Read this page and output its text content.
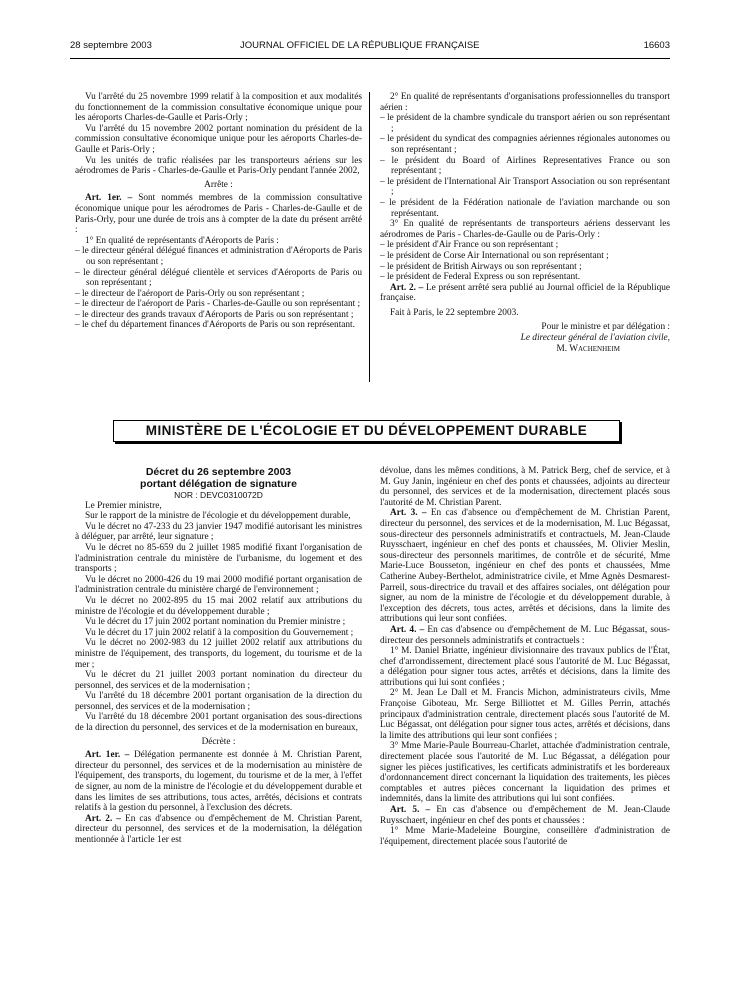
28 septembre 2003	JOURNAL OFFICIEL DE LA RÉPUBLIQUE FRANÇAISE	16603

Vu l'arrêté du 25 novembre 1999 relatif à la composition et aux modalités du fonctionnement de la commission consultative économique unique pour les aéroports Charles-de-Gaulle et Paris-Orly ;

Vu l'arrêté du 15 novembre 2002 portant nomination du président de la commission consultative économique unique pour les aéroports Charles-de-Gaulle et Paris-Orly ;

Vu les unités de trafic réalisées par les transporteurs aériens sur les aérodromes de Paris - Charles-de-Gaulle et Paris-Orly pendant l'année 2002,

Arrête :

Art. 1er. – Sont nommés membres de la commission consultative économique unique pour les aérodromes de Paris - Charles-de-Gaulle et de Paris-Orly, pour une durée de trois ans à compter de la date du présent arrêté :

1° En qualité de représentants d'Aéroports de Paris :

– le directeur général délégué finances et administration d'Aéroports de Paris ou son représentant ;

– le directeur général délégué clientèle et services d'Aéroports de Paris ou son représentant ;

– le directeur de l'aéroport de Paris-Orly ou son représentant ;

– le directeur de l'aéroport de Paris - Charles-de-Gaulle ou son représentant ;

– le directeur des grands travaux d'Aéroports de Paris ou son représentant ;

– le chef du département finances d'Aéroports de Paris ou son représentant.

2° En qualité de représentants d'organisations professionnelles du transport aérien :

– le président de la chambre syndicale du transport aérien ou son représentant ;

– le président du syndicat des compagnies aériennes régionales autonomes ou son représentant ;

– le président du Board of Airlines Representatives France ou son représentant ;

– le président de l'International Air Transport Association ou son représentant ;

– le président de la Fédération nationale de l'aviation marchande ou son représentant.

3° En qualité de représentants de transporteurs aériens desservant les aérodromes de Paris - Charles-de-Gaulle ou de Paris-Orly :

– le président d'Air France ou son représentant ;

– le président de Corse Air International ou son représentant ;

– le président de British Airways ou son représentant ;

– le président de Federal Express ou son représentant.

Art. 2. – Le présent arrêté sera publié au Journal officiel de la République française.

Fait à Paris, le 22 septembre 2003.

Pour le ministre et par délégation :

Le directeur général de l'aviation civile,

M. Wachenheim

MINISTÈRE DE L'ÉCOLOGIE ET DU DÉVELOPPEMENT DURABLE

Décret du 26 septembre 2003

portant délégation de signature

NOR : DEVC0310072D

Le Premier ministre,

Sur le rapport de la ministre de l'écologie et du développement durable,

Vu le décret no 47-233 du 23 janvier 1947 modifié autorisant les ministres à déléguer, par arrêté, leur signature ;

Vu le décret no 85-659 du 2 juillet 1985 modifié fixant l'organisation de l'administration centrale du ministère de l'urbanisme, du logement et des transports ;

Vu le décret no 2000-426 du 19 mai 2000 modifié portant organisation de l'administration centrale du ministère chargé de l'environnement ;

Vu le décret no 2002-895 du 15 mai 2002 relatif aux attributions du ministre de l'écologie et du développement durable ;

Vu le décret du 17 juin 2002 portant nomination du Premier ministre ;

Vu le décret du 17 juin 2002 relatif à la composition du Gouvernement ;

Vu le décret no 2002-983 du 12 juillet 2002 relatif aux attributions du ministre de l'équipement, des transports, du logement, du tourisme et de la mer ;

Vu le décret du 21 juillet 2003 portant nomination du directeur du personnel, des services et de la modernisation ;

Vu l'arrêté du 18 décembre 2001 portant organisation de la direction du personnel, des services et de la modernisation ;

Vu l'arrêté du 18 décembre 2001 portant organisation des sous-directions de la direction du personnel, des services et de la modernisation en bureaux,

Décrète :

Art. 1er. – Délégation permanente est donnée à M. Christian Parent, directeur du personnel, des services et de la modernisation au ministère de l'équipement, des transports, du logement, du tourisme et de la mer, à l'effet de signer, au nom de la ministre de l'écologie et du développement durable et dans les limites de ses attributions, tous actes, arrêtés, décisions et contrats relatifs à la gestion du personnel, à l'exclusion des décrets.

Art. 2. – En cas d'absence ou d'empêchement de M. Christian Parent, directeur du personnel, des services et de la modernisation, la délégation mentionnée à l'article 1er est

dévolue, dans les mêmes conditions, à M. Patrick Berg, chef de service, et à M. Guy Janin, ingénieur en chef des ponts et chaussées, adjoints au directeur du personnel, des services et de la modernisation, directement placés sous l'autorité de M. Christian Parent.

Art. 3. – En cas d'absence ou d'empêchement de M. Christian Parent, directeur du personnel, des services et de la modernisation, M. Luc Bégassat, sous-directeur des personnels administratifs et contractuels, M. Jean-Claude Ruysschaert, ingénieur en chef des ponts et chaussées, M. Olivier Meslin, sous-directeur des personnels maritimes, de contrôle et de sécurité, Mme Marie-Luce Bousseton, ingénieur en chef des ponts et chaussées, Mme Catherine Aubey-Berthelot, administratrice civile, et Mme Agnès Desmarest-Parreil, sous-directrice du travail et des affaires sociales, ont délégation pour signer, au nom de la ministre de l'écologie et du développement durable, à l'exception des décrets, tous actes, arrêtés et décisions, dans la limite des attributions qui leur sont confiées.

Art. 4. – En cas d'absence ou d'empêchement de M. Luc Bégassat, sous-directeur des personnels administratifs et contractuels :

1° M. Daniel Briatte, ingénieur divisionnaire des travaux publics de l'État, chef d'arrondissement, directement placé sous l'autorité de M. Luc Bégassat, a délégation pour signer tous actes, arrêtés et décisions, dans la limite des attributions qui lui sont confiées ;

2° M. Jean Le Dall et M. Francis Michon, administrateurs civils, Mme Françoise Giboteau, Mr. Serge Billiottet et M. Gilles Perrin, attachés principaux d'administration centrale, directement placés sous l'autorité de M. Luc Bégassat, ont délégation pour signer tous actes, arrêtés et décisions, dans la limite des attributions qui leur sont confiées ;

3° Mme Marie-Paule Bourreau-Charlet, attachée d'administration centrale, directement placée sous l'autorité de M. Luc Bégassat, a délégation pour signer les pièces justificatives, les certificats administratifs et les bordereaux d'ordonnancement direct concernant la liquidation des traitements, les pièces comptables et autres pièces concernant la liquidation des primes et indemnités, dans la limite des attributions qui lui sont confiées.

Art. 5. – En cas d'absence ou d'empêchement de M. Jean-Claude Ruysschaert, ingénieur en chef des ponts et chaussées :

1° Mme Marie-Madeleine Bourgine, conseillère d'administration de l'équipement, directement placée sous l'autorité de
